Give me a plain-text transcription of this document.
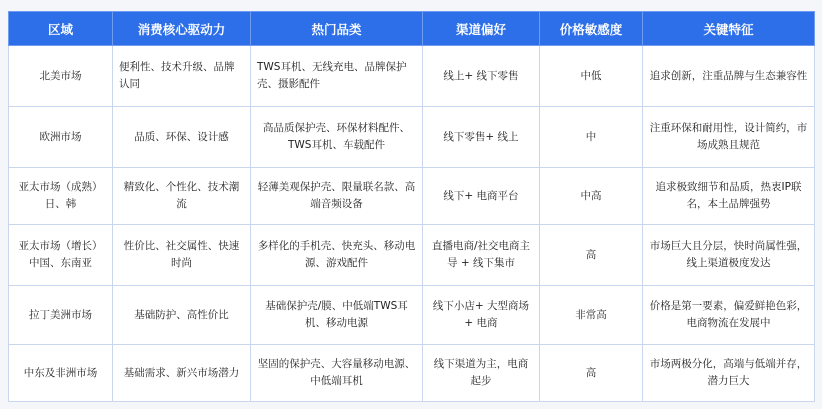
区域	消费核心驱动力	热门品类	渠道偏好	价格敏感度	关键特征
北美市场	便利性、技术升级、品牌认同	TWS耳机、无线充电、品牌保护壳、摄影配件	线上+ 线下零售	中低	追求创新，注重品牌与生态兼容性
欧洲市场	品质、环保、设计感	高品质保护壳、环保材料配件、TWS耳机、车载配件	线下零售+ 线上	中	注重环保和耐用性，设计简约，市场成熟且规范
亚太市场（成熟）日、韩	精致化、个性化、技术潮流	轻薄美观保护壳、限量联名款、高端音频设备	线下+ 电商平台	中高	追求极致细节和品质，热衷IP联名，本土品牌强势
亚太市场（增长）中国、东南亚	性价比、社交属性、快速时尚	多样化的手机壳、快充头、移动电源、游戏配件	直播电商/社交电商主导 + 线下集市	高	市场巨大且分层，快时尚属性强，线上渠道极度发达
拉丁美洲市场	基础防护、高性价比	基础保护壳/膜、中低端TWS耳机、移动电源	线下小店+ 大型商场+ 电商	非常高	价格是第一要素，偏爱鲜艳色彩，电商物流在发展中
中东及非洲市场	基础需求、新兴市场潜力	坚固的保护壳、大容量移动电源、中低端耳机	线下渠道为主，电商起步	高	市场两极分化，高端与低端并存，潜力巨大
